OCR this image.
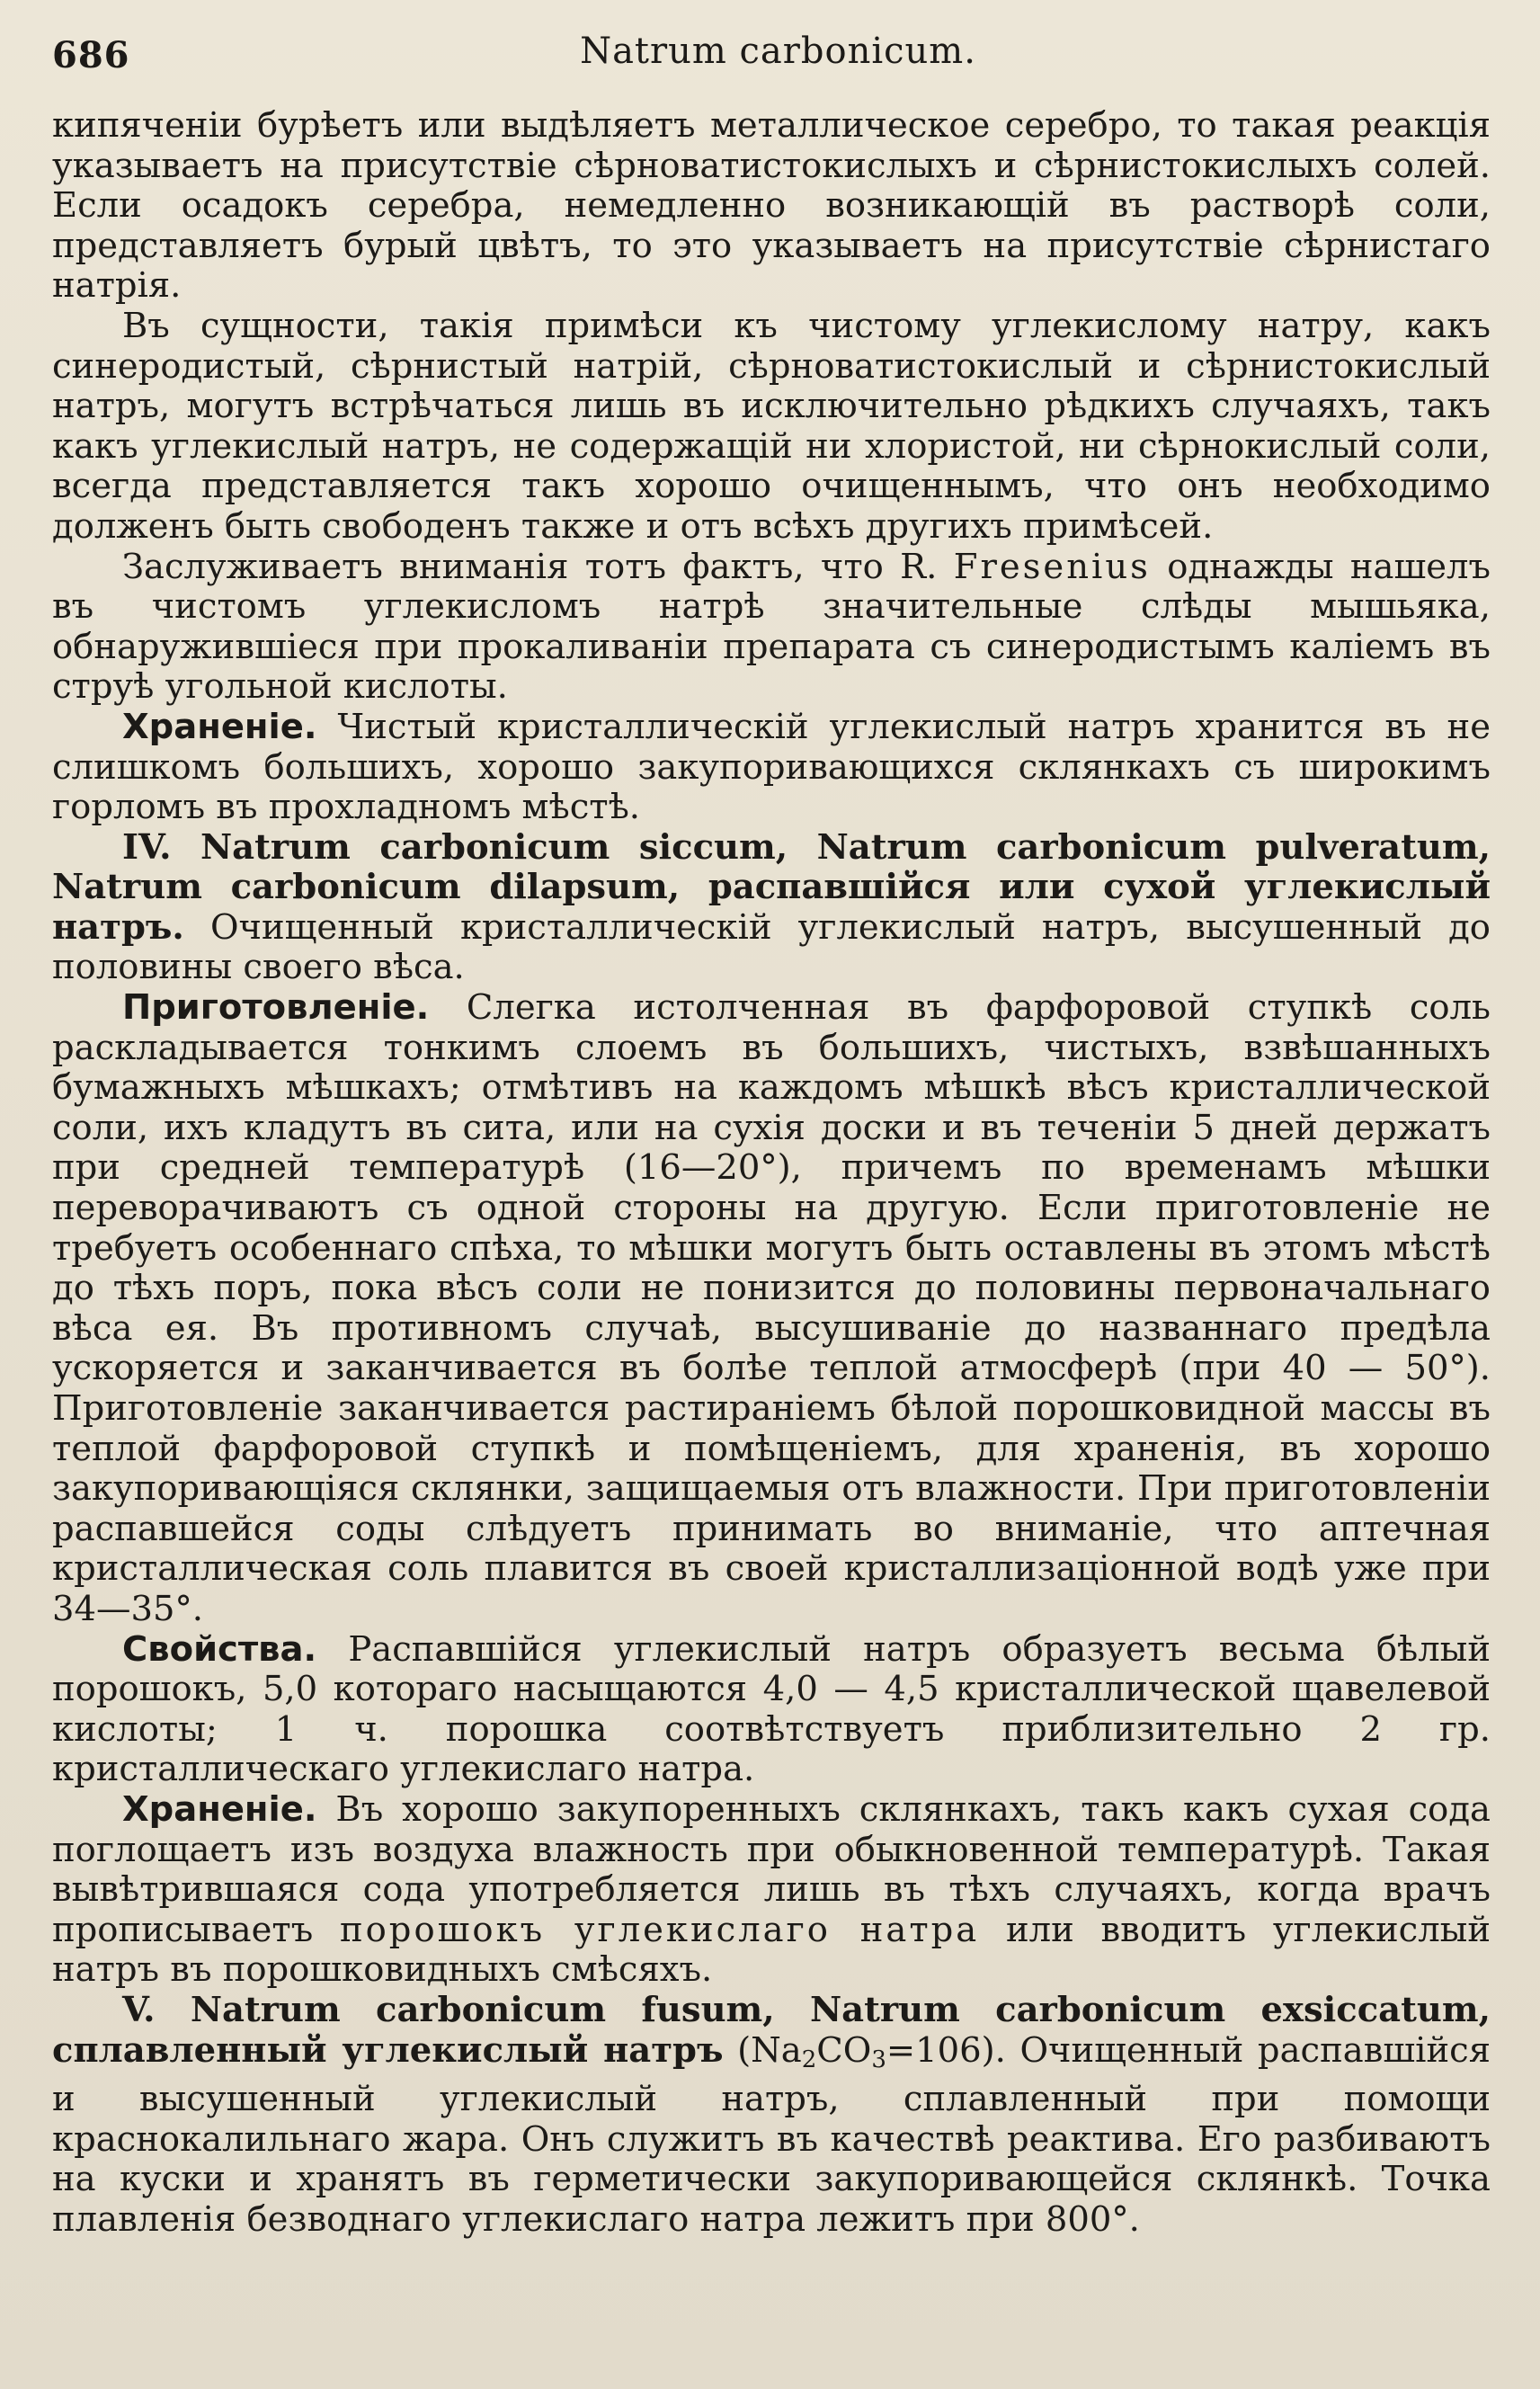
686	Natrum carbonicum.

кипяченіи бурѣетъ или выдѣляетъ металлическое серебро, то такая реакція указываетъ на присутствіе сѣрноватистокислыхъ и сѣрнистокислыхъ солей. Если осадокъ серебра, немедленно возникающій въ растворѣ соли, представляетъ бурый цвѣтъ, то это указываетъ на присутствіе сѣрнистаго натрія.

Въ сущности, такія примѣси къ чистому углекислому натру, какъ синеродистый, сѣрнистый натрій, сѣрноватистокислый и сѣрнистокислый натръ, могутъ встрѣчаться лишь въ исключительно рѣдкихъ случаяхъ, такъ какъ углекислый натръ, не содержащій ни хлористой, ни сѣрнокислый соли, всегда представляется такъ хорошо очищеннымъ, что онъ необходимо долженъ быть свободенъ также и отъ всѣхъ другихъ примѣсей.

Заслуживаетъ вниманія тотъ фактъ, что R. Fresenius однажды нашелъ въ чистомъ углекисломъ натрѣ значительные слѣды мышьяка, обнаружившіеся при прокаливаніи препарата съ синеродистымъ каліемъ въ струѣ угольной кислоты.

Храненіе. Чистый кристаллическій углекислый натръ хранится въ не слишкомъ большихъ, хорошо закупоривающихся склянкахъ съ широкимъ горломъ въ прохладномъ мѣстѣ.

IV. Natrum carbonicum siccum, Natrum carbonicum pulveratum, Natrum carbonicum dilapsum, распавшійся или сухой углекислый натръ. Очищенный кристаллическій углекислый натръ, высушенный до половины своего вѣса.

Приготовленіе. Слегка истолченная въ фарфоровой ступкѣ соль раскладывается тонкимъ слоемъ въ большихъ, чистыхъ, взвѣшанныхъ бумажныхъ мѣшкахъ; отмѣтивъ на каждомъ мѣшкѣ вѣсъ кристаллической соли, ихъ кладутъ въ сита, или на сухія доски и въ теченіи 5 дней держатъ при средней температурѣ (16—20°), причемъ по временамъ мѣшки переворачиваютъ съ одной стороны на другую. Если приготовленіе не требуетъ особеннаго спѣха, то мѣшки могутъ быть оставлены въ этомъ мѣстѣ до тѣхъ поръ, пока вѣсъ соли не понизится до половины первоначальнаго вѣса ея. Въ противномъ случаѣ, высушиваніе до названнаго предѣла ускоряется и заканчивается въ болѣе теплой атмосферѣ (при 40 — 50°). Приготовленіе заканчивается растираніемъ бѣлой порошковидной массы въ теплой фарфоровой ступкѣ и помѣщеніемъ, для храненія, въ хорошо закупоривающіяся склянки, защищаемыя отъ влажности. При приготовленіи распавшейся соды слѣдуетъ принимать во вниманіе, что аптечная кристаллическая соль плавится въ своей кристаллизаціонной водѣ уже при 34—35°.

Свойства. Распавшійся углекислый натръ образуетъ весьма бѣлый порошокъ, 5,0 котораго насыщаются 4,0 — 4,5 кристаллической щавелевой кислоты; 1 ч. порошка соотвѣтствуетъ приблизительно 2 гр. кристаллическаго углекислаго натра.

Храненіе. Въ хорошо закупоренныхъ склянкахъ, такъ какъ сухая сода поглощаетъ изъ воздуха влажность при обыкновенной температурѣ. Такая вывѣтрившаяся сода употребляется лишь въ тѣхъ случаяхъ, когда врачъ прописываетъ порошокъ углекислаго натра или вводитъ углекислый натръ въ порошковидныхъ смѣсяхъ.

V. Natrum carbonicum fusum, Natrum carbonicum exsiccatum, сплавленный углекислый натръ (Na2CO3=106). Очищенный распавшійся и высушенный углекислый натръ, сплавленный при помощи краснокалильнаго жара. Онъ служитъ въ качествѣ реактива. Его разбиваютъ на куски и хранятъ въ герметически закупоривающейся склянкѣ. Точка плавленія безводнаго углекислаго натра лежитъ при 800°.
